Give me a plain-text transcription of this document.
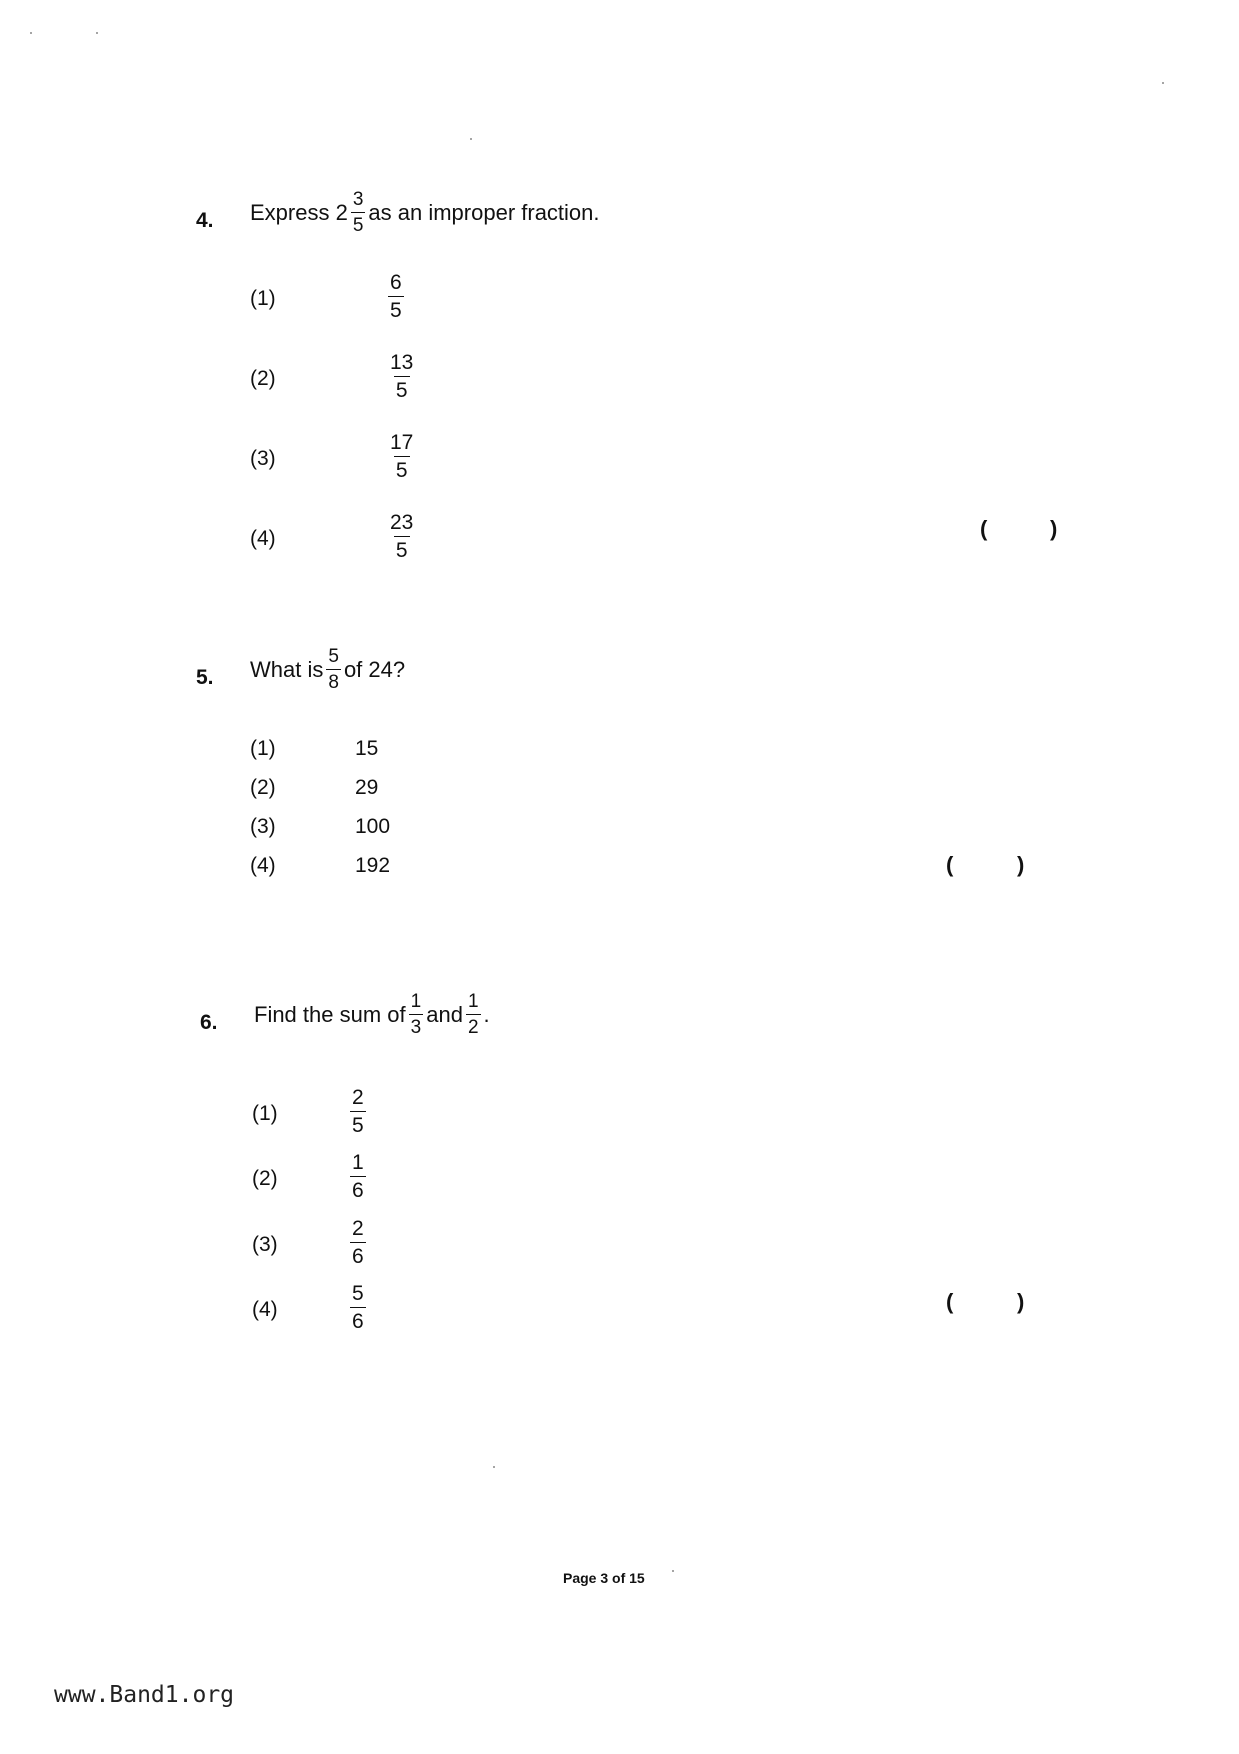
4. Express $2 \frac{3}{5}$ as an improper fraction.
(1)	$\frac{6}{5}$
(2)	$\frac{13}{5}$
(3)	$\frac{17}{5}$
(4)	$\frac{23}{5}$	(	)
5. What is $\frac{5}{8}$ of 24?
(1)	15
(2)	29
(3)	100
(4)	192	(	)
6. Find the sum of $\frac{1}{3}$ and $\frac{1}{2}$ .
(1)	$\frac{2}{5}$
(2)	$\frac{1}{6}$
(3)	$\frac{2}{6}$
(4)	$\frac{5}{6}$	(	)
Page 3 of 15
www.Band1.org
